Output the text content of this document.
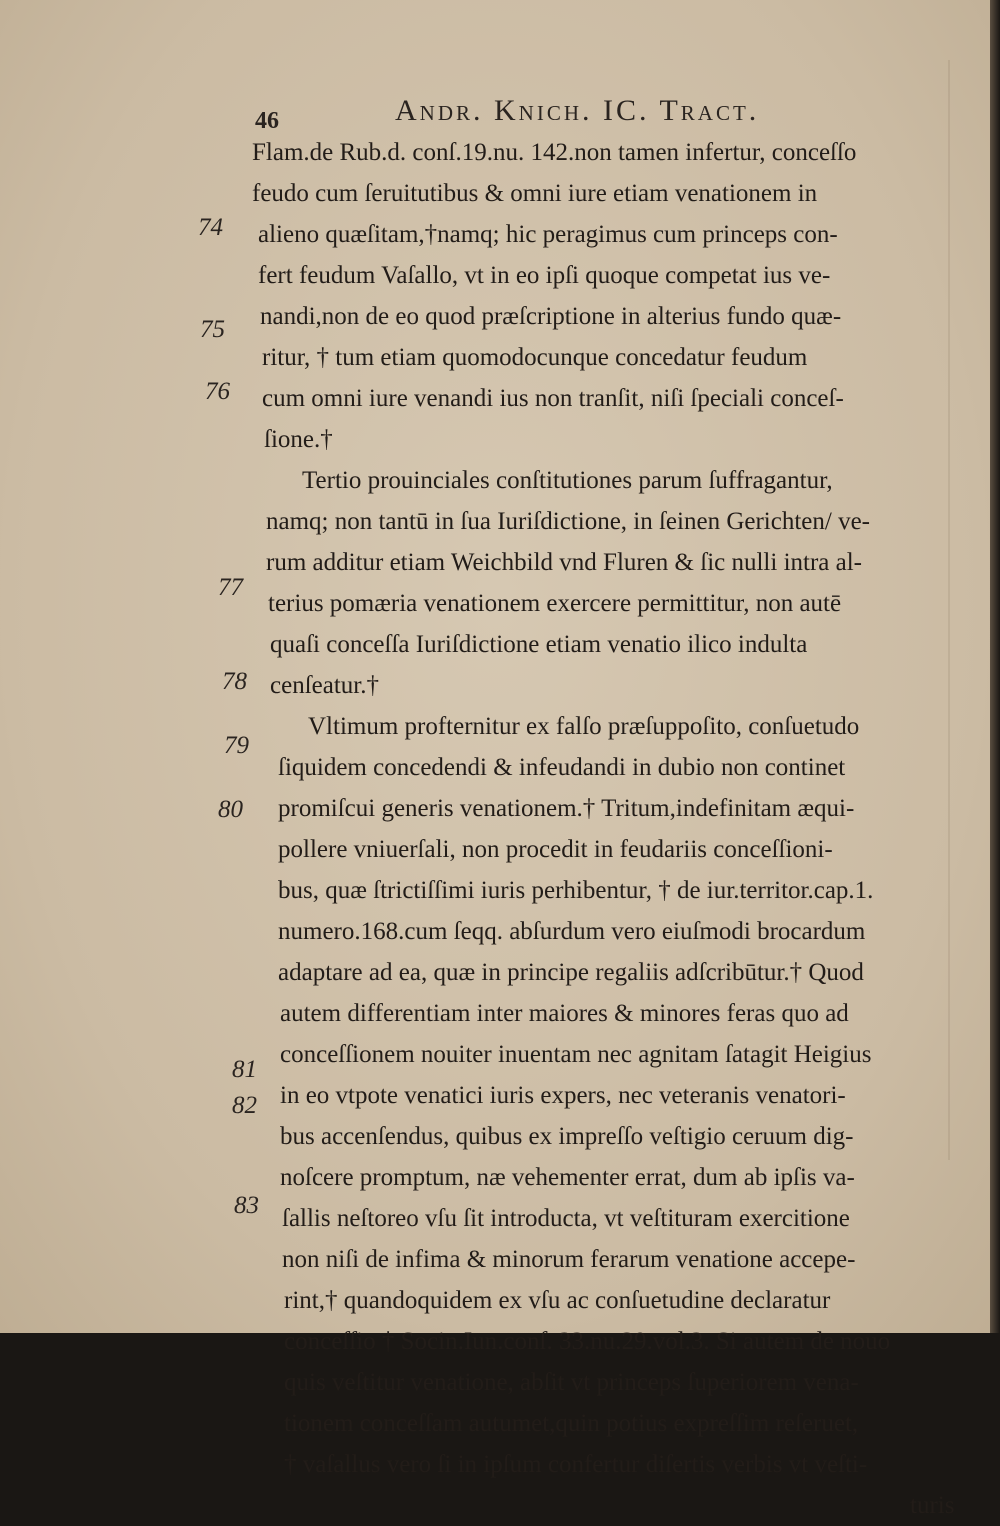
46	Andr. Knich. IC. Tract.
74
75
76
77
78
79
80
81
82
83
Flam.de Rub.d. conſ.19.nu. 142.non tamen infertur, conceſſo
feudo cum ſeruitutibus & omni iure etiam venationem in
alieno quæſitam,†namq; hic peragimus cum princeps con-
fert feudum Vaſallo, vt in eo ipſi quoque competat ius ve-
nandi,non de eo quod præſcriptione in alterius fundo quæ-
ritur, † tum etiam quomodocunque concedatur feudum
cum omni iure venandi ius non tranſit, niſi ſpeciali conceſ-
ſione.†
Tertio prouinciales conſtitutiones parum ſuffragantur,
namq; non tantū in ſua Iuriſdictione, in ſeinen Gerichten/ ve-
rum additur etiam Weichbild vnd Fluren & ſic nulli intra al-
terius pomæria venationem exercere permittitur, non autē
quaſi conceſſa Iuriſdictione etiam venatio ilico indulta
cenſeatur.†
Vltimum profternitur ex falſo præſuppoſito, conſuetudo
ſiquidem concedendi & infeudandi in dubio non continet
promiſcui generis venationem.† Tritum,indefinitam æqui-
pollere vniuerſali, non procedit in feudariis conceſſioni-
bus, quæ ſtrictiſſimi iuris perhibentur, † de iur.territor.cap.1.
numero.168.cum ſeqq. abſurdum vero eiuſmodi brocardum
adaptare ad ea, quæ in principe regaliis adſcribūtur.† Quod
autem differentiam inter maiores & minores feras quo ad
conceſſionem nouiter inuentam nec agnitam ſatagit Heigius
in eo vtpote venatici iuris expers, nec veteranis venatori-
bus accenſendus, quibus ex impreſſo veſtigio ceruum dig-
noſcere promptum, næ vehementer errat, dum ab ipſis va-
ſallis neſtoreo vſu ſit introducta, vt veſtituram exercitione
non niſi de infima & minorum ferarum venatione accepe-
rint,† quandoquidem ex vſu ac conſuetudine declaratur
conceſſio † Socin.Iun.conſ. 33.nu.29.vol.3. Si autem de nouo
quis veſtitur venatione, abſit vt princeps ſuperiorem vena-
tionem conceſſam autumet,quin potius expreſſim reſeruet,
† vaſallus vero ſi in ipſum confertur diſertis verbis vt veſti-
turis
